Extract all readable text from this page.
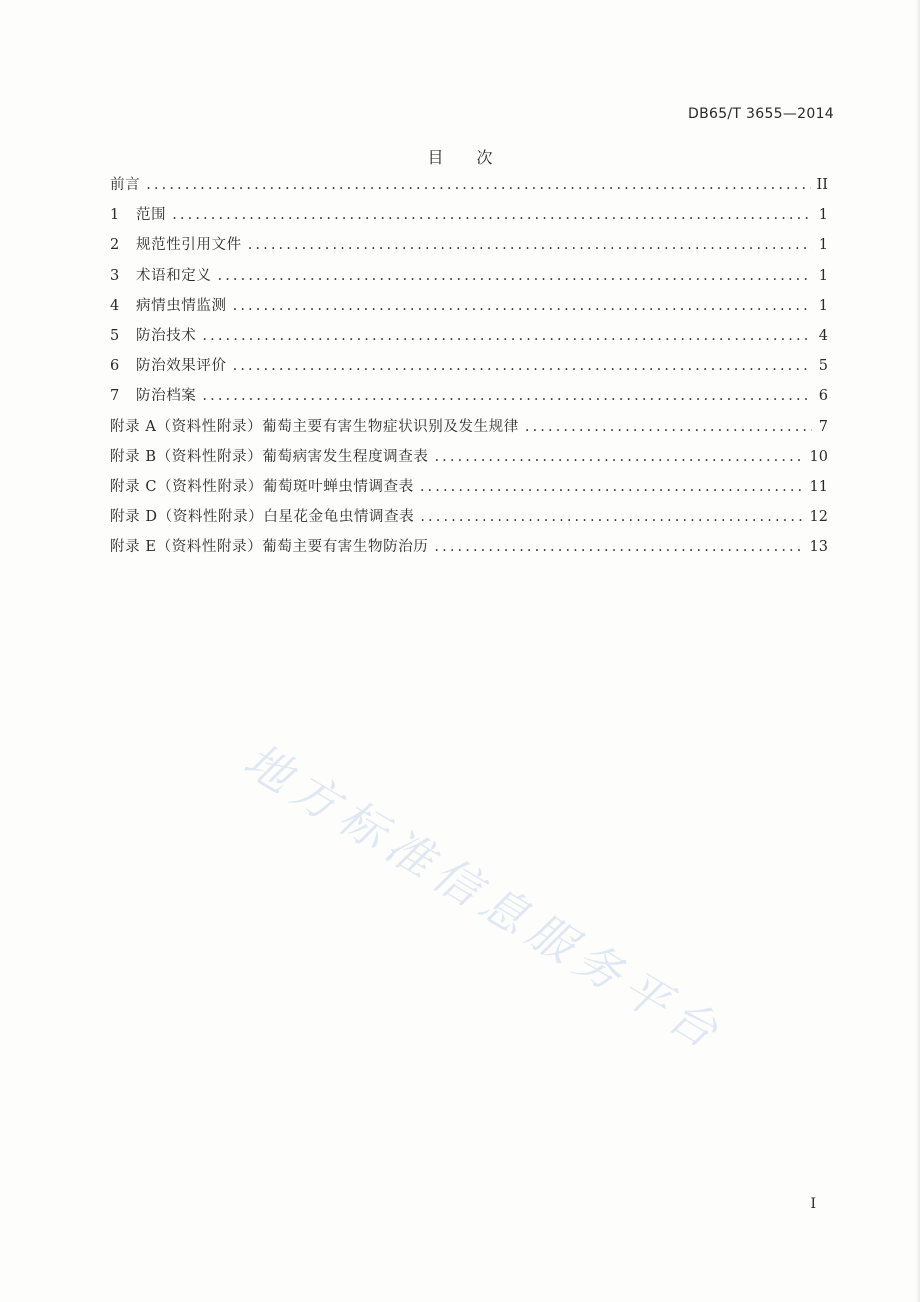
DB65/T 3655—2014
目 次
前言 .....	II
1	范围 .....	1
2	规范性引用文件 .....	1
3	术语和定义 .....	1
4	病情虫情监测 .....	1
5	防治技术 .....	4
6	防治效果评价 .....	5
7	防治档案 .....	6
附录 A（资料性附录）葡萄主要有害生物症状识别及发生规律 .....	7
附录 B（资料性附录）葡萄病害发生程度调查表 .....	10
附录 C（资料性附录）葡萄斑叶蝉虫情调查表 .....	11
附录 D（资料性附录）白星花金龟虫情调查表 .....	12
附录 E（资料性附录）葡萄主要有害生物防治历 .....	13
地方标准信息服务平台
I
